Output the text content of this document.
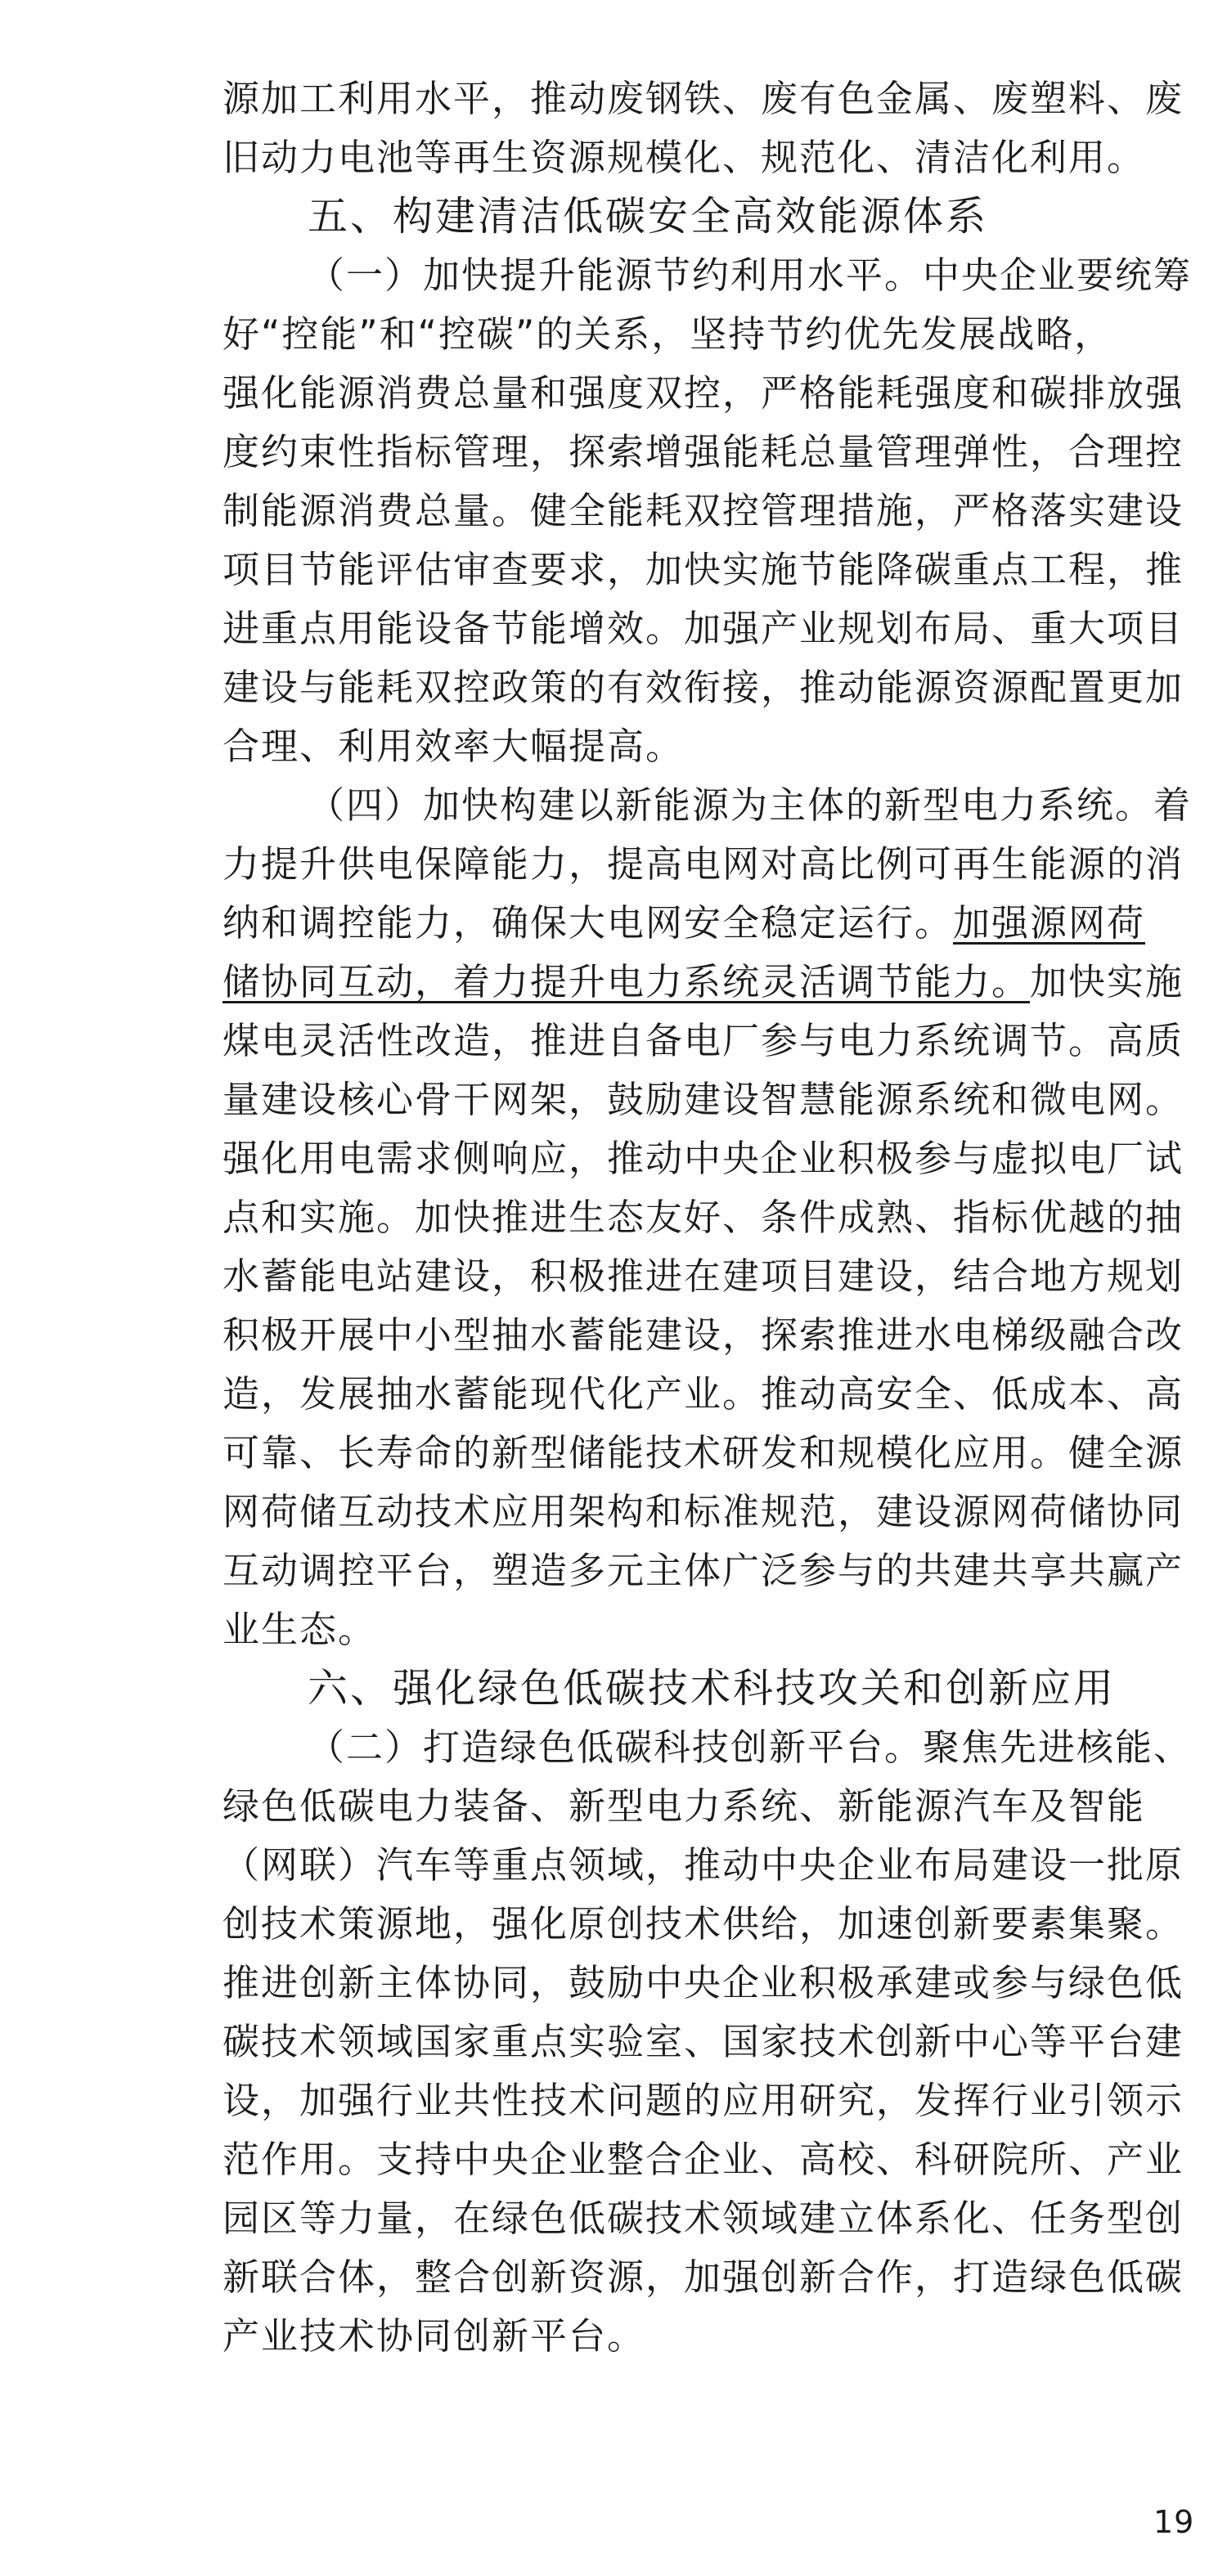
源加工利用水平，推动废钢铁、废有色金属、废塑料、废
旧动力电池等再生资源规模化、规范化、清洁化利用。
五、构建清洁低碳安全高效能源体系
（一）加快提升能源节约利用水平。中央企业要统筹
好“控能”和“控碳”的关系，坚持节约优先发展战略，
强化能源消费总量和强度双控，严格能耗强度和碳排放强
度约束性指标管理，探索增强能耗总量管理弹性，合理控
制能源消费总量。健全能耗双控管理措施，严格落实建设
项目节能评估审查要求，加快实施节能降碳重点工程，推
进重点用能设备节能增效。加强产业规划布局、重大项目
建设与能耗双控政策的有效衔接，推动能源资源配置更加
合理、利用效率大幅提高。
（四）加快构建以新能源为主体的新型电力系统。着
力提升供电保障能力，提高电网对高比例可再生能源的消
纳和调控能力，确保大电网安全稳定运行。加强源网荷
储协同互动，着力提升电力系统灵活调节能力。加快实施
煤电灵活性改造，推进自备电厂参与电力系统调节。高质
量建设核心骨干网架，鼓励建设智慧能源系统和微电网。
强化用电需求侧响应，推动中央企业积极参与虚拟电厂试
点和实施。加快推进生态友好、条件成熟、指标优越的抽
水蓄能电站建设，积极推进在建项目建设，结合地方规划
积极开展中小型抽水蓄能建设，探索推进水电梯级融合改
造，发展抽水蓄能现代化产业。推动高安全、低成本、高
可靠、长寿命的新型储能技术研发和规模化应用。健全源
网荷储互动技术应用架构和标准规范，建设源网荷储协同
互动调控平台，塑造多元主体广泛参与的共建共享共赢产
业生态。
六、强化绿色低碳技术科技攻关和创新应用
（二）打造绿色低碳科技创新平台。聚焦先进核能、
绿色低碳电力装备、新型电力系统、新能源汽车及智能
（网联）汽车等重点领域，推动中央企业布局建设一批原
创技术策源地，强化原创技术供给，加速创新要素集聚。
推进创新主体协同，鼓励中央企业积极承建或参与绿色低
碳技术领域国家重点实验室、国家技术创新中心等平台建
设，加强行业共性技术问题的应用研究，发挥行业引领示
范作用。支持中央企业整合企业、高校、科研院所、产业
园区等力量，在绿色低碳技术领域建立体系化、任务型创
新联合体，整合创新资源，加强创新合作，打造绿色低碳
产业技术协同创新平台。
19
